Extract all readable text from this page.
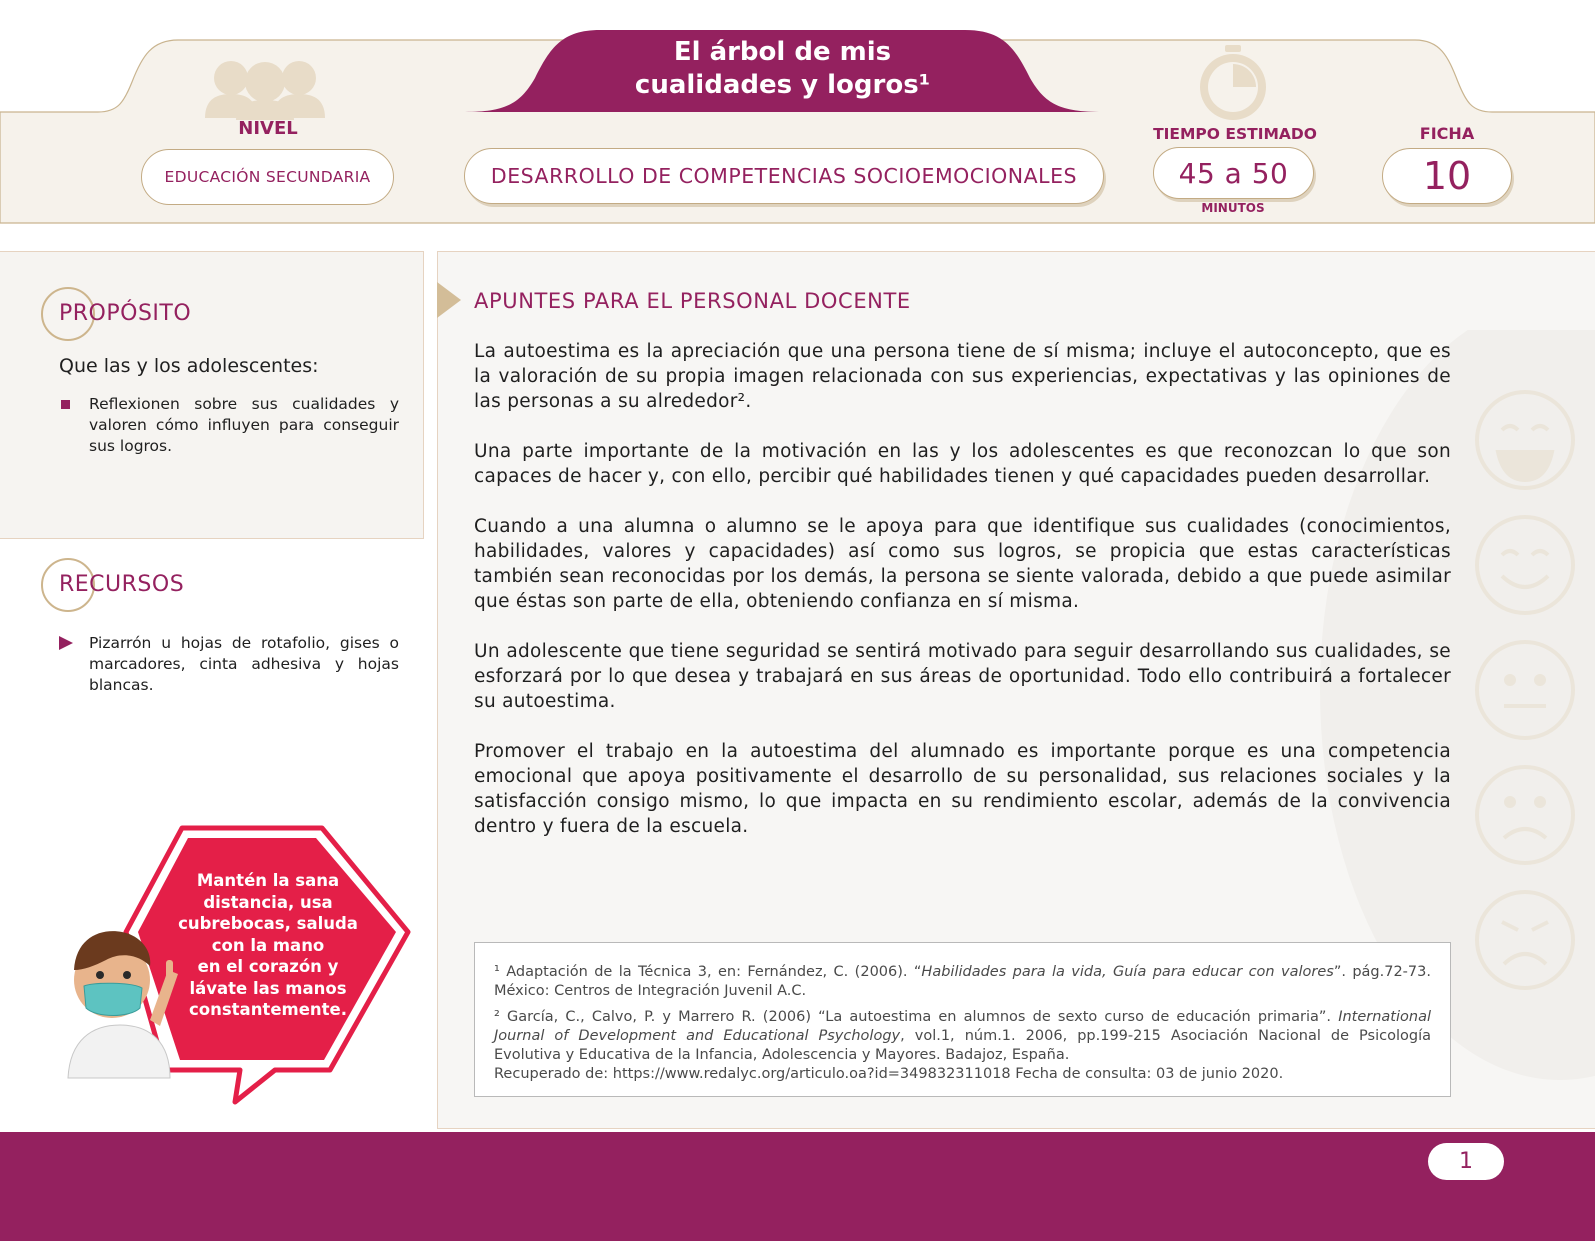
El árbol de mis
cualidades y logros¹
NIVEL
EDUCACIÓN SECUNDARIA	DESARROLLO DE COMPETENCIAS SOCIOEMOCIONALES
TIEMPO ESTIMADO
45 a 50
MINUTOS
FICHA
10
PROPÓSITO
Que las y los adolescentes:
Reflexionen sobre sus cualidades y valoren cómo influyen para conseguir sus logros.
RECURSOS
Pizarrón u hojas de rotafolio, gises o marcadores, cinta adhesiva y hojas blancas.
Mantén la sana
distancia, usa
cubrebocas, saluda
con la mano
en el corazón y
lávate las manos
constantemente.
APUNTES PARA EL PERSONAL DOCENTE

La autoestima es la apreciación que una persona tiene de sí misma; incluye el autoconcepto, que es la valoración de su propia imagen relacionada con sus experiencias, expectativas y las opiniones de las personas a su alrededor².

Una parte importante de la motivación en las y los adolescentes es que reconozcan lo que son capaces de hacer y, con ello, percibir qué habilidades tienen y qué capacidades pueden desarrollar.

Cuando a una alumna o alumno se le apoya para que identifique sus cualidades (conocimientos, habilidades, valores y capacidades) así como sus logros, se propicia que estas características también sean reconocidas por los demás, la persona se siente valorada, debido a que puede asimilar que éstas son parte de ella, obteniendo confianza en sí misma.

Un adolescente que tiene seguridad se sentirá motivado para seguir desarrollando sus cualidades, se esforzará por lo que desea y trabajará en sus áreas de oportunidad. Todo ello contribuirá a fortalecer su autoestima.

Promover el trabajo en la autoestima del alumnado es importante porque es una competencia emocional que apoya positivamente el desarrollo de su personalidad, sus relaciones sociales y la satisfacción consigo mismo, lo que impacta en su rendimiento escolar, además de la convivencia dentro y fuera de la escuela.

¹ Adaptación de la Técnica 3, en: Fernández, C. (2006). “Habilidades para la vida, Guía para educar con valores”. pág.72-73. México: Centros de Integración Juvenil A.C.

² García, C., Calvo, P. y Marrero R. (2006) “La autoestima en alumnos de sexto curso de educación primaria”. International Journal of Development and Educational Psychology, vol.1, núm.1. 2006, pp.199-215 Asociación Nacional de Psicología Evolutiva y Educativa de la Infancia, Adolescencia y Mayores. Badajoz, España.

Recuperado de: https://www.redalyc.org/articulo.oa?id=349832311018 Fecha de consulta: 03 de junio 2020.

1
